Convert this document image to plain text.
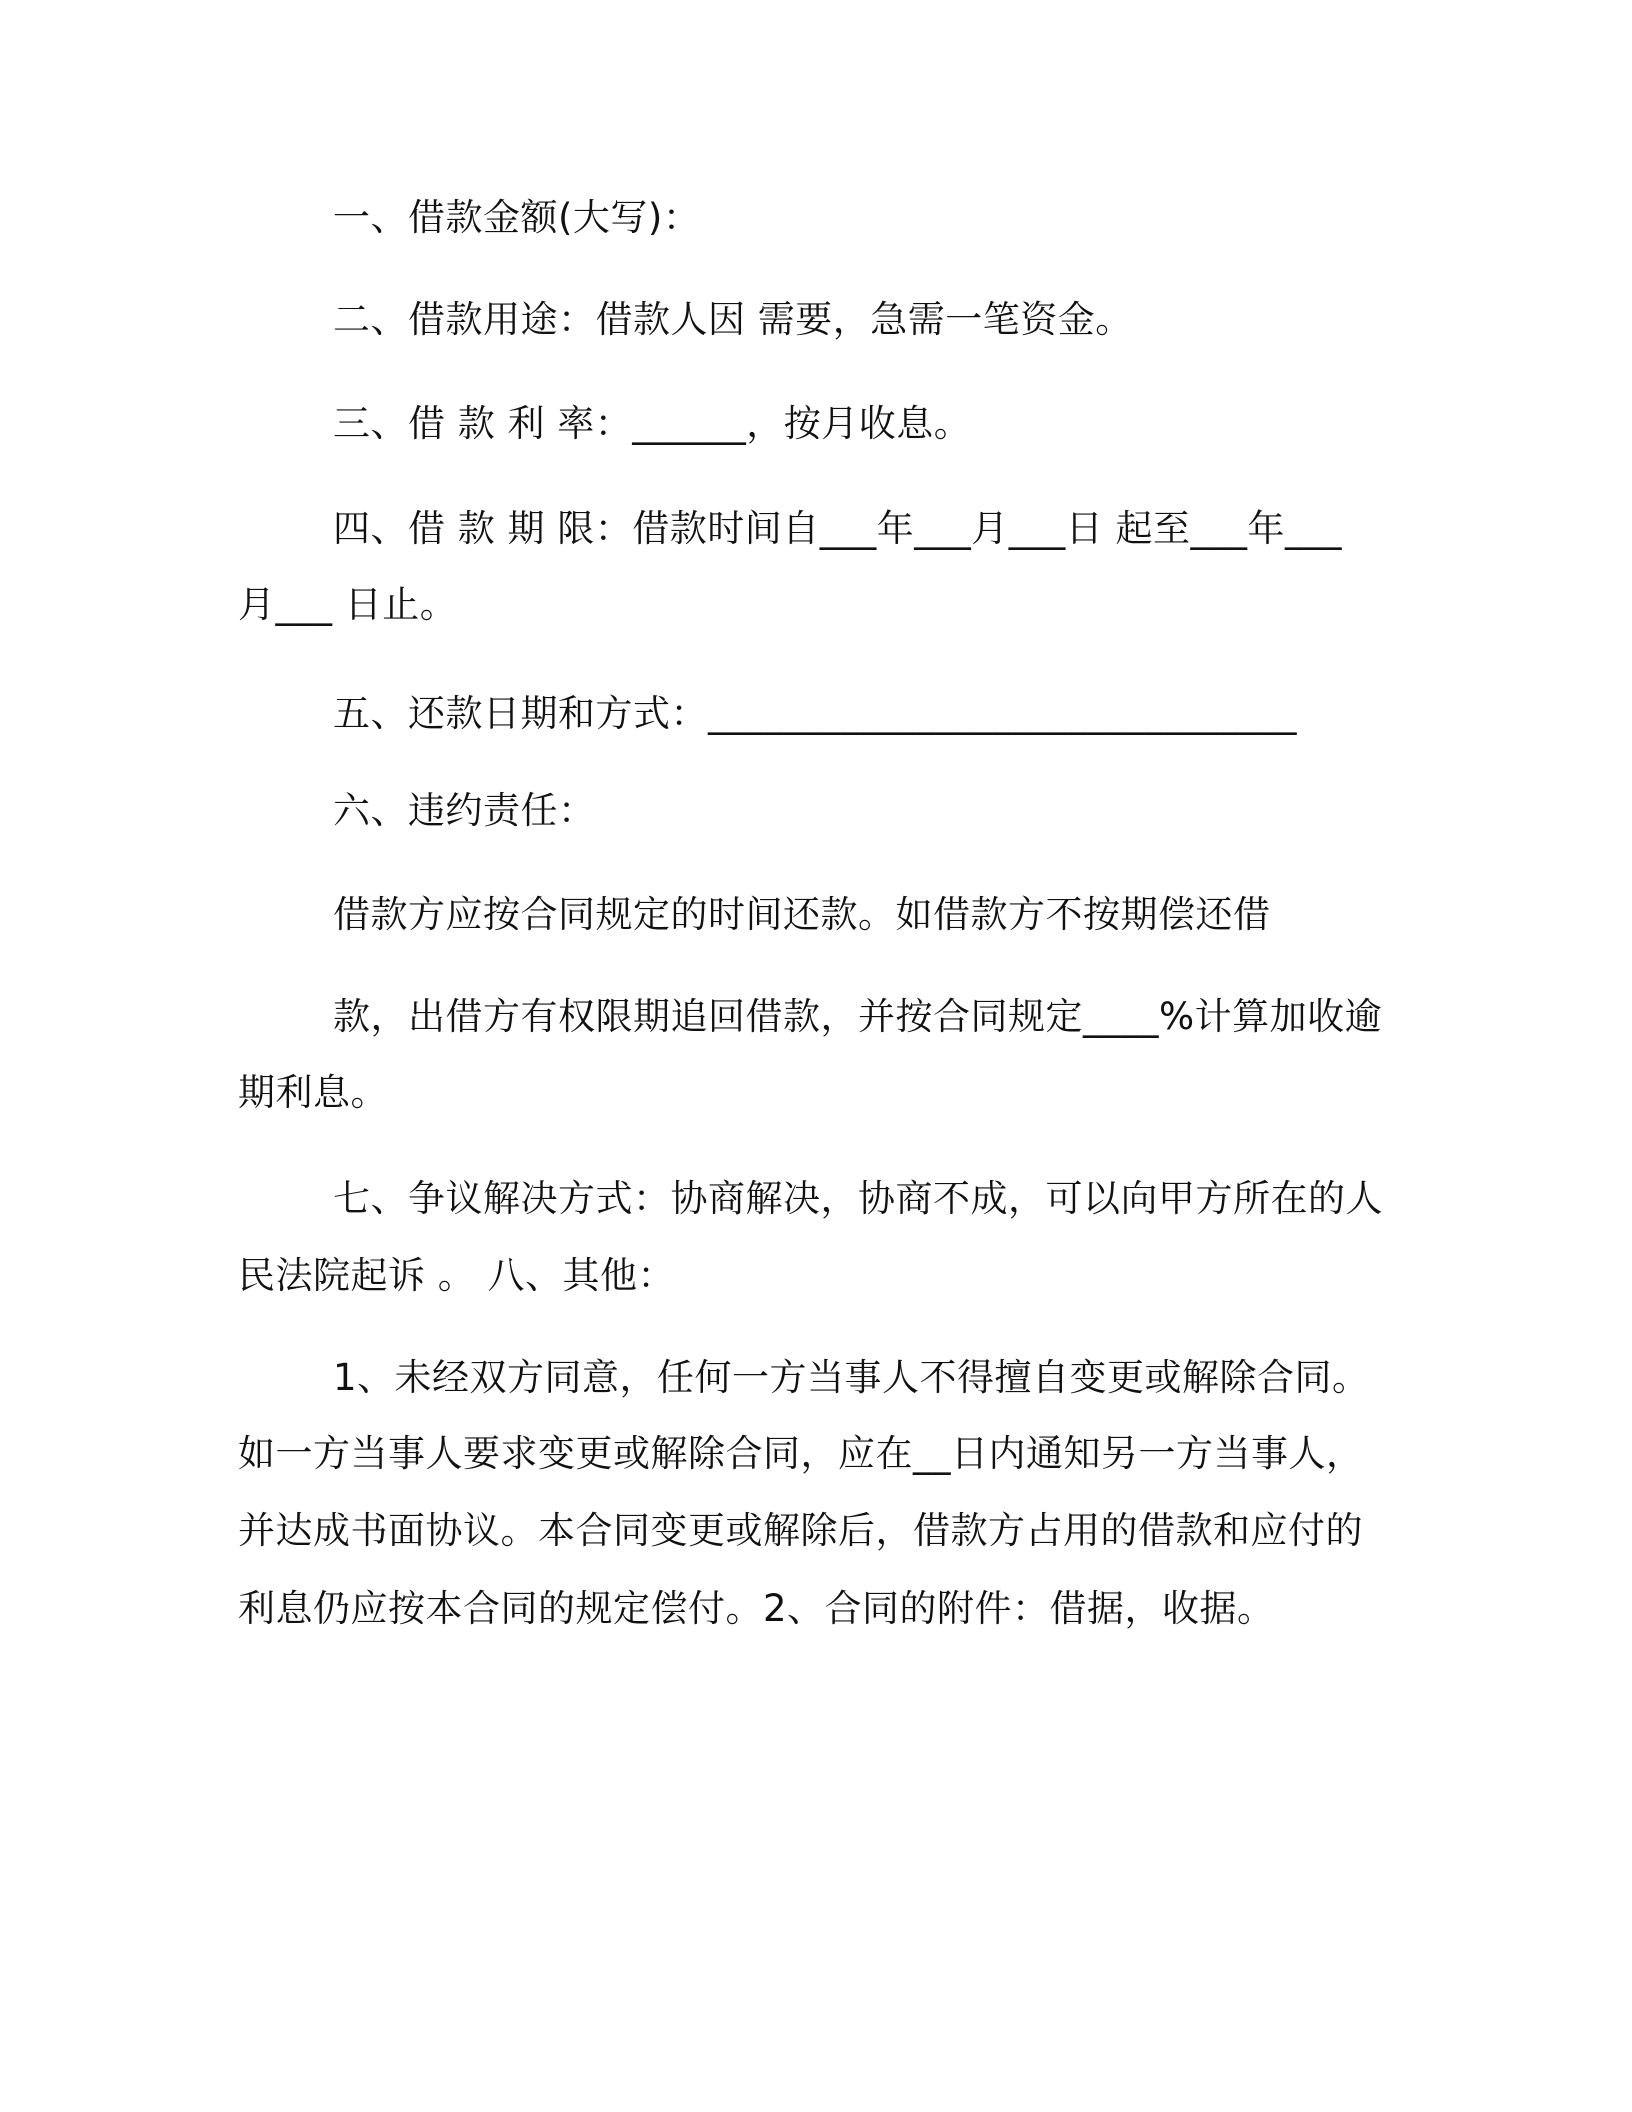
一、借款金额(大写)：
二、借款用途：借款人因 需要，急需一笔资金。
三、借 款 利 率：______，按月收息。
四、借 款 期 限：借款时间自___年___月___日 起至___年___
月___ 日止。
五、还款日期和方式：_______________________________
六、违约责任：
借款方应按合同规定的时间还款。如借款方不按期偿还借
款，出借方有权限期追回借款，并按合同规定____%计算加收逾
期利息。
七、争议解决方式：协商解决，协商不成，可以向甲方所在的人
民法院起诉 。 八、其他：
1、未经双方同意，任何一方当事人不得擅自变更或解除合同。
如一方当事人要求变更或解除合同，应在__日内通知另一方当事人，
并达成书面协议。本合同变更或解除后，借款方占用的借款和应付的
利息仍应按本合同的规定偿付。2、合同的附件：借据，收据。
